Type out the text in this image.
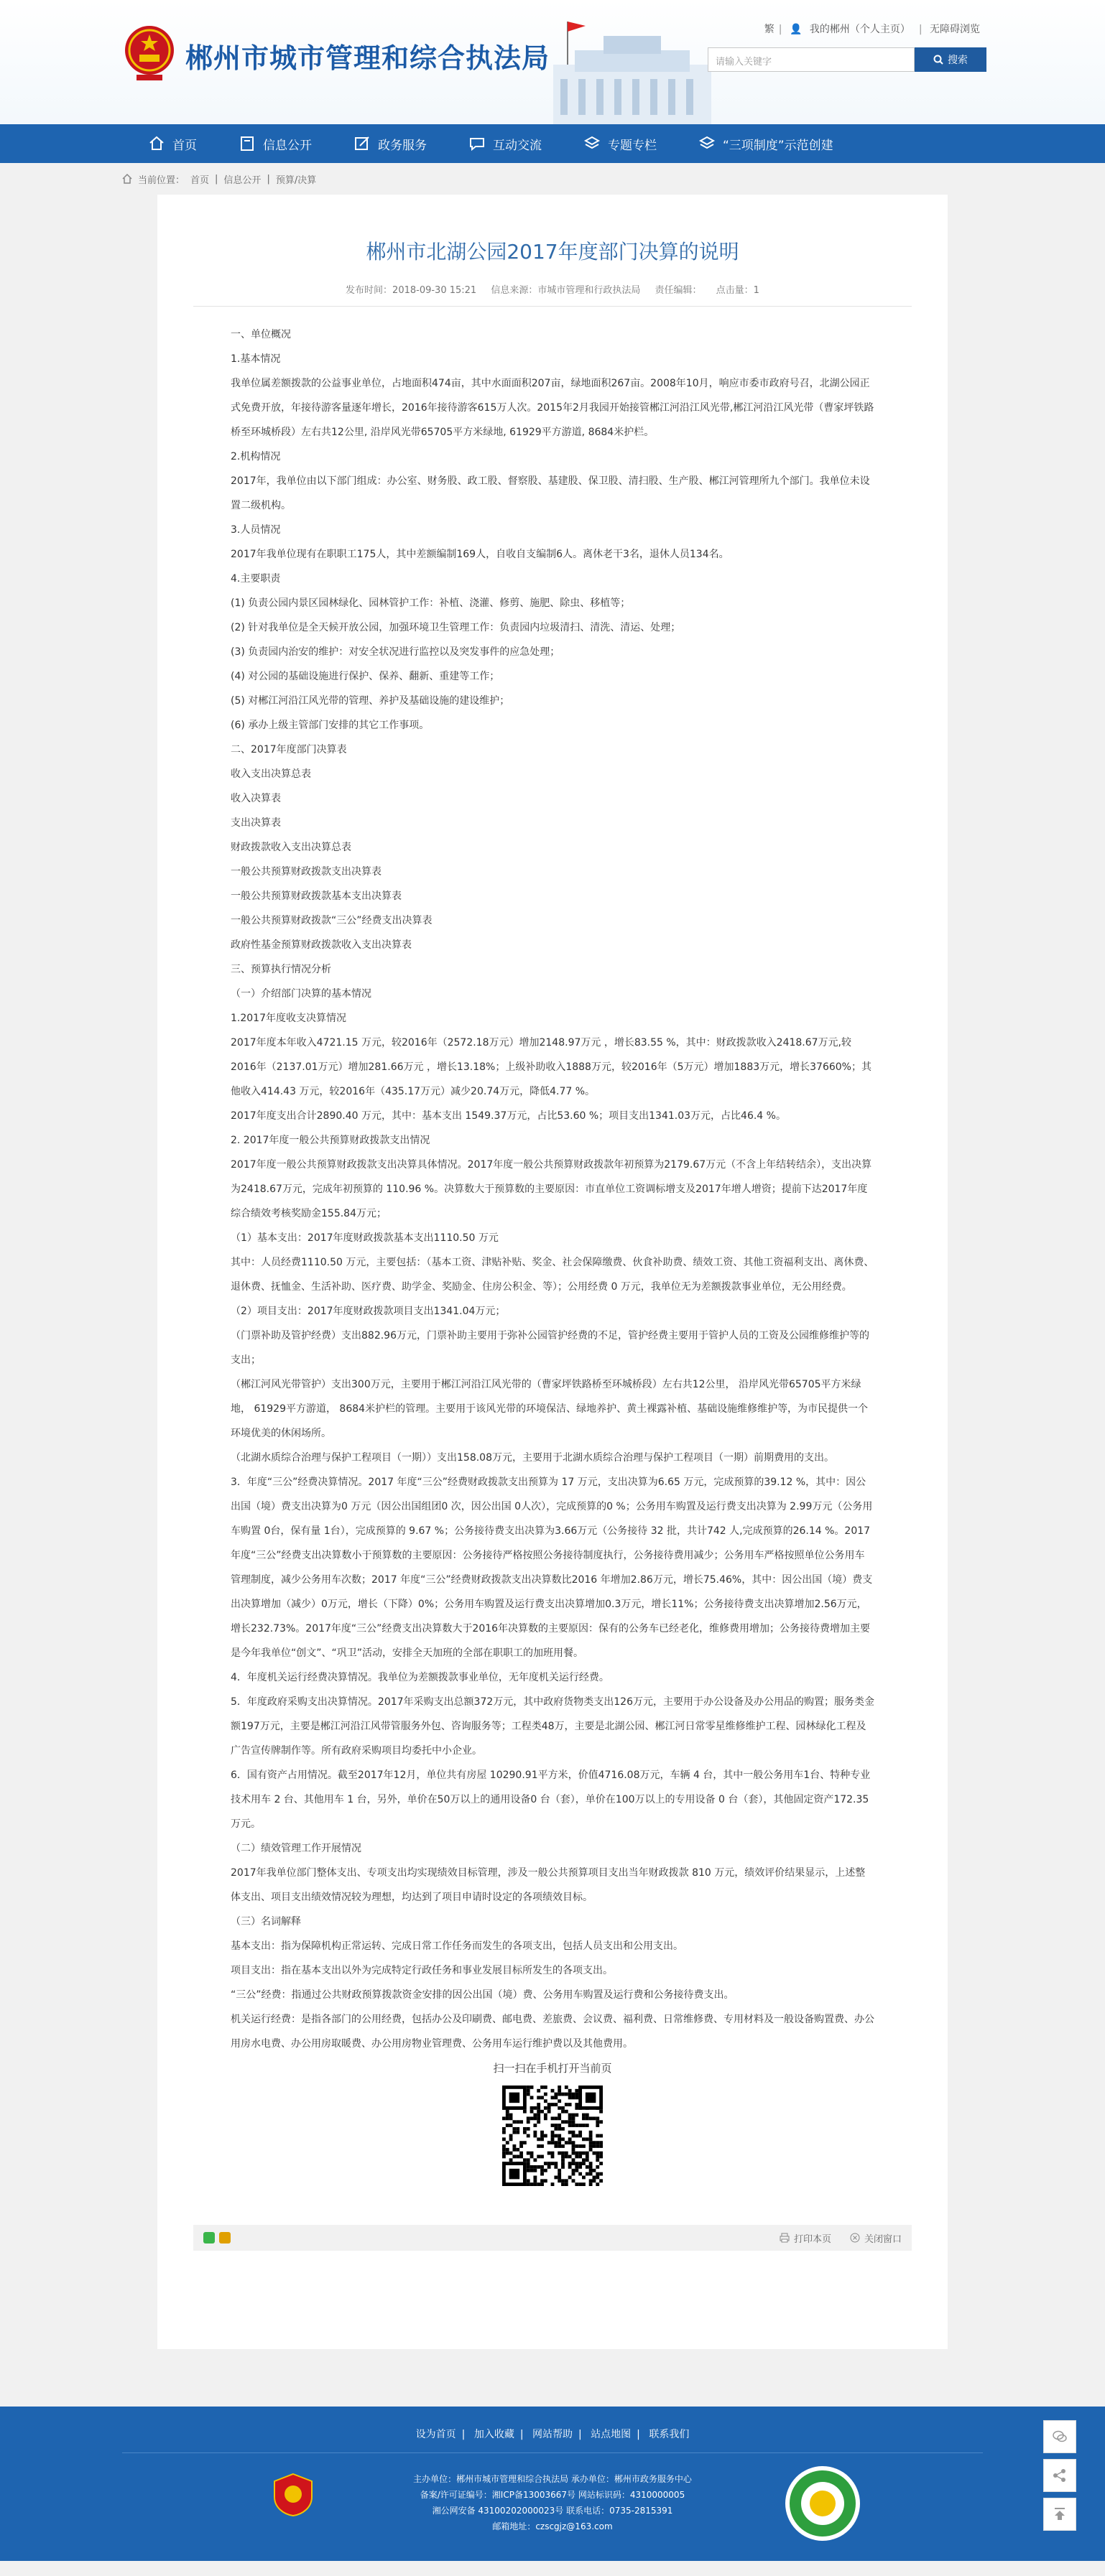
郴州市城市管理和综合执法局
繁 | 👤 我的郴州（个人主页） | 无障碍浏览
请输入关键字	搜索
首页	信息公开	政务服务	互动交流	专题专栏	“三项制度”示范创建
当前位置： 首页 | 信息公开 | 预算/决算
郴州市北湖公园2017年度部门决算的说明
发布时间：2018-09-30 15:21 信息来源：市城市管理和行政执法局 责任编辑： 点击量：1

一、单位概况

1.基本情况

我单位属差额拨款的公益事业单位，占地面积474亩，其中水面面积207亩，绿地面积267亩。2008年10月，响应市委市政府号召，北湖公园正式免费开放，年接待游客量逐年增长，2016年接待游客615万人次。2015年2月我园开始接管郴江河沿江风光带,郴江河沿江风光带（曹家坪铁路桥至环城桥段）左右共12公里, 沿岸风光带65705平方米绿地, 61929平方游道, 8684米护栏。

2.机构情况

2017年，我单位由以下部门组成：办公室、财务股、政工股、督察股、基建股、保卫股、清扫股、生产股、郴江河管理所九个部门。我单位未设置二级机构。

3.人员情况

2017年我单位现有在职职工175人，其中差额编制169人，自收自支编制6人。离休老干3名，退休人员134名。

4.主要职责

(1) 负责公园内景区园林绿化、园林管护工作：补植、浇灌、修剪、施肥、除虫、移植等；

(2) 针对我单位是全天候开放公园，加强环境卫生管理工作：负责园内垃圾清扫、清洗、清运、处理；

(3) 负责园内治安的维护：对安全状况进行监控以及突发事件的应急处理；

(4) 对公园的基础设施进行保护、保养、翻新、重建等工作；

(5) 对郴江河沿江风光带的管理、养护及基础设施的建设维护；

(6) 承办上级主管部门安排的其它工作事项。

二、2017年度部门决算表

收入支出决算总表

收入决算表

支出决算表

财政拨款收入支出决算总表

一般公共预算财政拨款支出决算表

一般公共预算财政拨款基本支出决算表

一般公共预算财政拨款“三公”经费支出决算表

政府性基金预算财政拨款收入支出决算表

三、预算执行情况分析

（一）介绍部门决算的基本情况

1.2017年度收支决算情况

2017年度本年收入4721.15 万元，较2016年（2572.18万元）增加2148.97万元 ，增长83.55 %，其中：财政拨款收入2418.67万元,较2016年（2137.01万元）增加281.66万元 ，增长13.18%；上级补助收入1888万元，较2016年（5万元）增加1883万元，增长37660%；其他收入414.43 万元，较2016年（435.17万元）减少20.74万元，降低4.77 %。

2017年度支出合计2890.40 万元，其中：基本支出 1549.37万元，占比53.60 %；项目支出1341.03万元，占比46.4 %。

2. 2017年度一般公共预算财政拨款支出情况

2017年度一般公共预算财政拨款支出决算具体情况。2017年度一般公共预算财政拨款年初预算为2179.67万元（不含上年结转结余），支出决算为2418.67万元，完成年初预算的 110.96 %。决算数大于预算数的主要原因：市直单位工资调标增支及2017年增人增资；提前下达2017年度综合绩效考核奖励金155.84万元；

（1）基本支出：2017年度财政拨款基本支出1110.50 万元

其中：人员经费1110.50 万元，主要包括：（基本工资、津贴补贴、奖金、社会保障缴费、伙食补助费、绩效工资、其他工资福利支出、离休费、退休费、抚恤金、生活补助、医疗费、助学金、奖励金、住房公积金、等）；公用经费 0 万元，我单位无为差额拨款事业单位，无公用经费。

（2）项目支出：2017年度财政拨款项目支出1341.04万元；

（门票补助及管护经费）支出882.96万元，门票补助主要用于弥补公园管护经费的不足，管护经费主要用于管护人员的工资及公园维修维护等的支出；

（郴江河风光带管护）支出300万元，主要用于郴江河沿江风光带的（曹家坪铁路桥至环城桥段）左右共12公里， 沿岸风光带65705平方米绿地， 61929平方游道， 8684米护栏的管理。主要用于该风光带的环境保洁、绿地养护、黄土裸露补植、基础设施维修维护等，为市民提供一个环境优美的休闲场所。

（北湖水质综合治理与保护工程项目（一期））支出158.08万元，主要用于北湖水质综合治理与保护工程项目（一期）前期费用的支出。

3．年度“三公”经费决算情况。2017 年度“三公”经费财政拨款支出预算为 17 万元，支出决算为6.65 万元，完成预算的39.12 %，其中：因公出国（境）费支出决算为0 万元（因公出国组团0 次，因公出国 0人次），完成预算的0 %；公务用车购置及运行费支出决算为 2.99万元（公务用车购置 0台，保有量 1台），完成预算的 9.67 %；公务接待费支出决算为3.66万元（公务接待 32 批，共计742 人,完成预算的26.14 %。2017 年度“三公”经费支出决算数小于预算数的主要原因：公务接待严格按照公务接待制度执行，公务接待费用减少；公务用车严格按照单位公务用车管理制度，减少公务用车次数；2017 年度“三公”经费财政拨款支出决算数比2016 年增加2.86万元，增长75.46%，其中：因公出国（境）费支出决算增加（减少）0万元，增长（下降）0%；公务用车购置及运行费支出决算增加0.3万元，增长11%；公务接待费支出决算增加2.56万元，增长232.73%。2017年度“三公”经费支出决算数大于2016年决算数的主要原因：保有的公务车已经老化，维修费用增加；公务接待费增加主要是今年我单位“创文”、“巩卫”活动，安排全天加班的全部在职职工的加班用餐。

4．年度机关运行经费决算情况。我单位为差额拨款事业单位，无年度机关运行经费。

5．年度政府采购支出决算情况。2017年采购支出总额372万元，其中政府货物类支出126万元，主要用于办公设备及办公用品的购置；服务类金额197万元，主要是郴江河沿江风带管服务外包、咨询服务等；工程类48万，主要是北湖公园、郴江河日常零星维修维护工程、园林绿化工程及广告宣传牌制作等。所有政府采购项目均委托中小企业。

6．国有资产占用情况。截至2017年12月，单位共有房屋 10290.91平方米，价值4716.08万元，车辆 4 台，其中一般公务用车1台、特种专业技术用车 2 台、其他用车 1 台，另外，单价在50万以上的通用设备0 台（套），单价在100万以上的专用设备 0 台（套），其他固定资产172.35万元。

（二）绩效管理工作开展情况

2017年我单位部门整体支出、专项支出均实现绩效目标管理，涉及一般公共预算项目支出当年财政拨款 810 万元，绩效评价结果显示，上述整体支出、项目支出绩效情况较为理想，均达到了项目申请时设定的各项绩效目标。

（三）名词解释

基本支出：指为保障机构正常运转、完成日常工作任务而发生的各项支出，包括人员支出和公用支出。

项目支出：指在基本支出以外为完成特定行政任务和事业发展目标所发生的各项支出。

“三公”经费：指通过公共财政预算拨款资金安排的因公出国（境）费、公务用车购置及运行费和公务接待费支出。

机关运行经费：是指各部门的公用经费，包括办公及印刷费、邮电费、差旅费、会议费、福利费、日常维修费、专用材料及一般设备购置费、办公用房水电费、办公用房取暖费、办公用房物业管理费、公务用车运行维护费以及其他费用。

扫一扫在手机打开当前页
打印本页	关闭窗口
设为首页 | 加入收藏 | 网站帮助 | 站点地图 | 联系我们
主办单位：郴州市城市管理和综合执法局 承办单位：郴州市政务服务中心
备案/许可证编号：湘ICP备13003667号 网站标识码：4310000005
湘公网安备 43100202000023号 联系电话：0735-2815391
邮箱地址：czscgjz@163.com
